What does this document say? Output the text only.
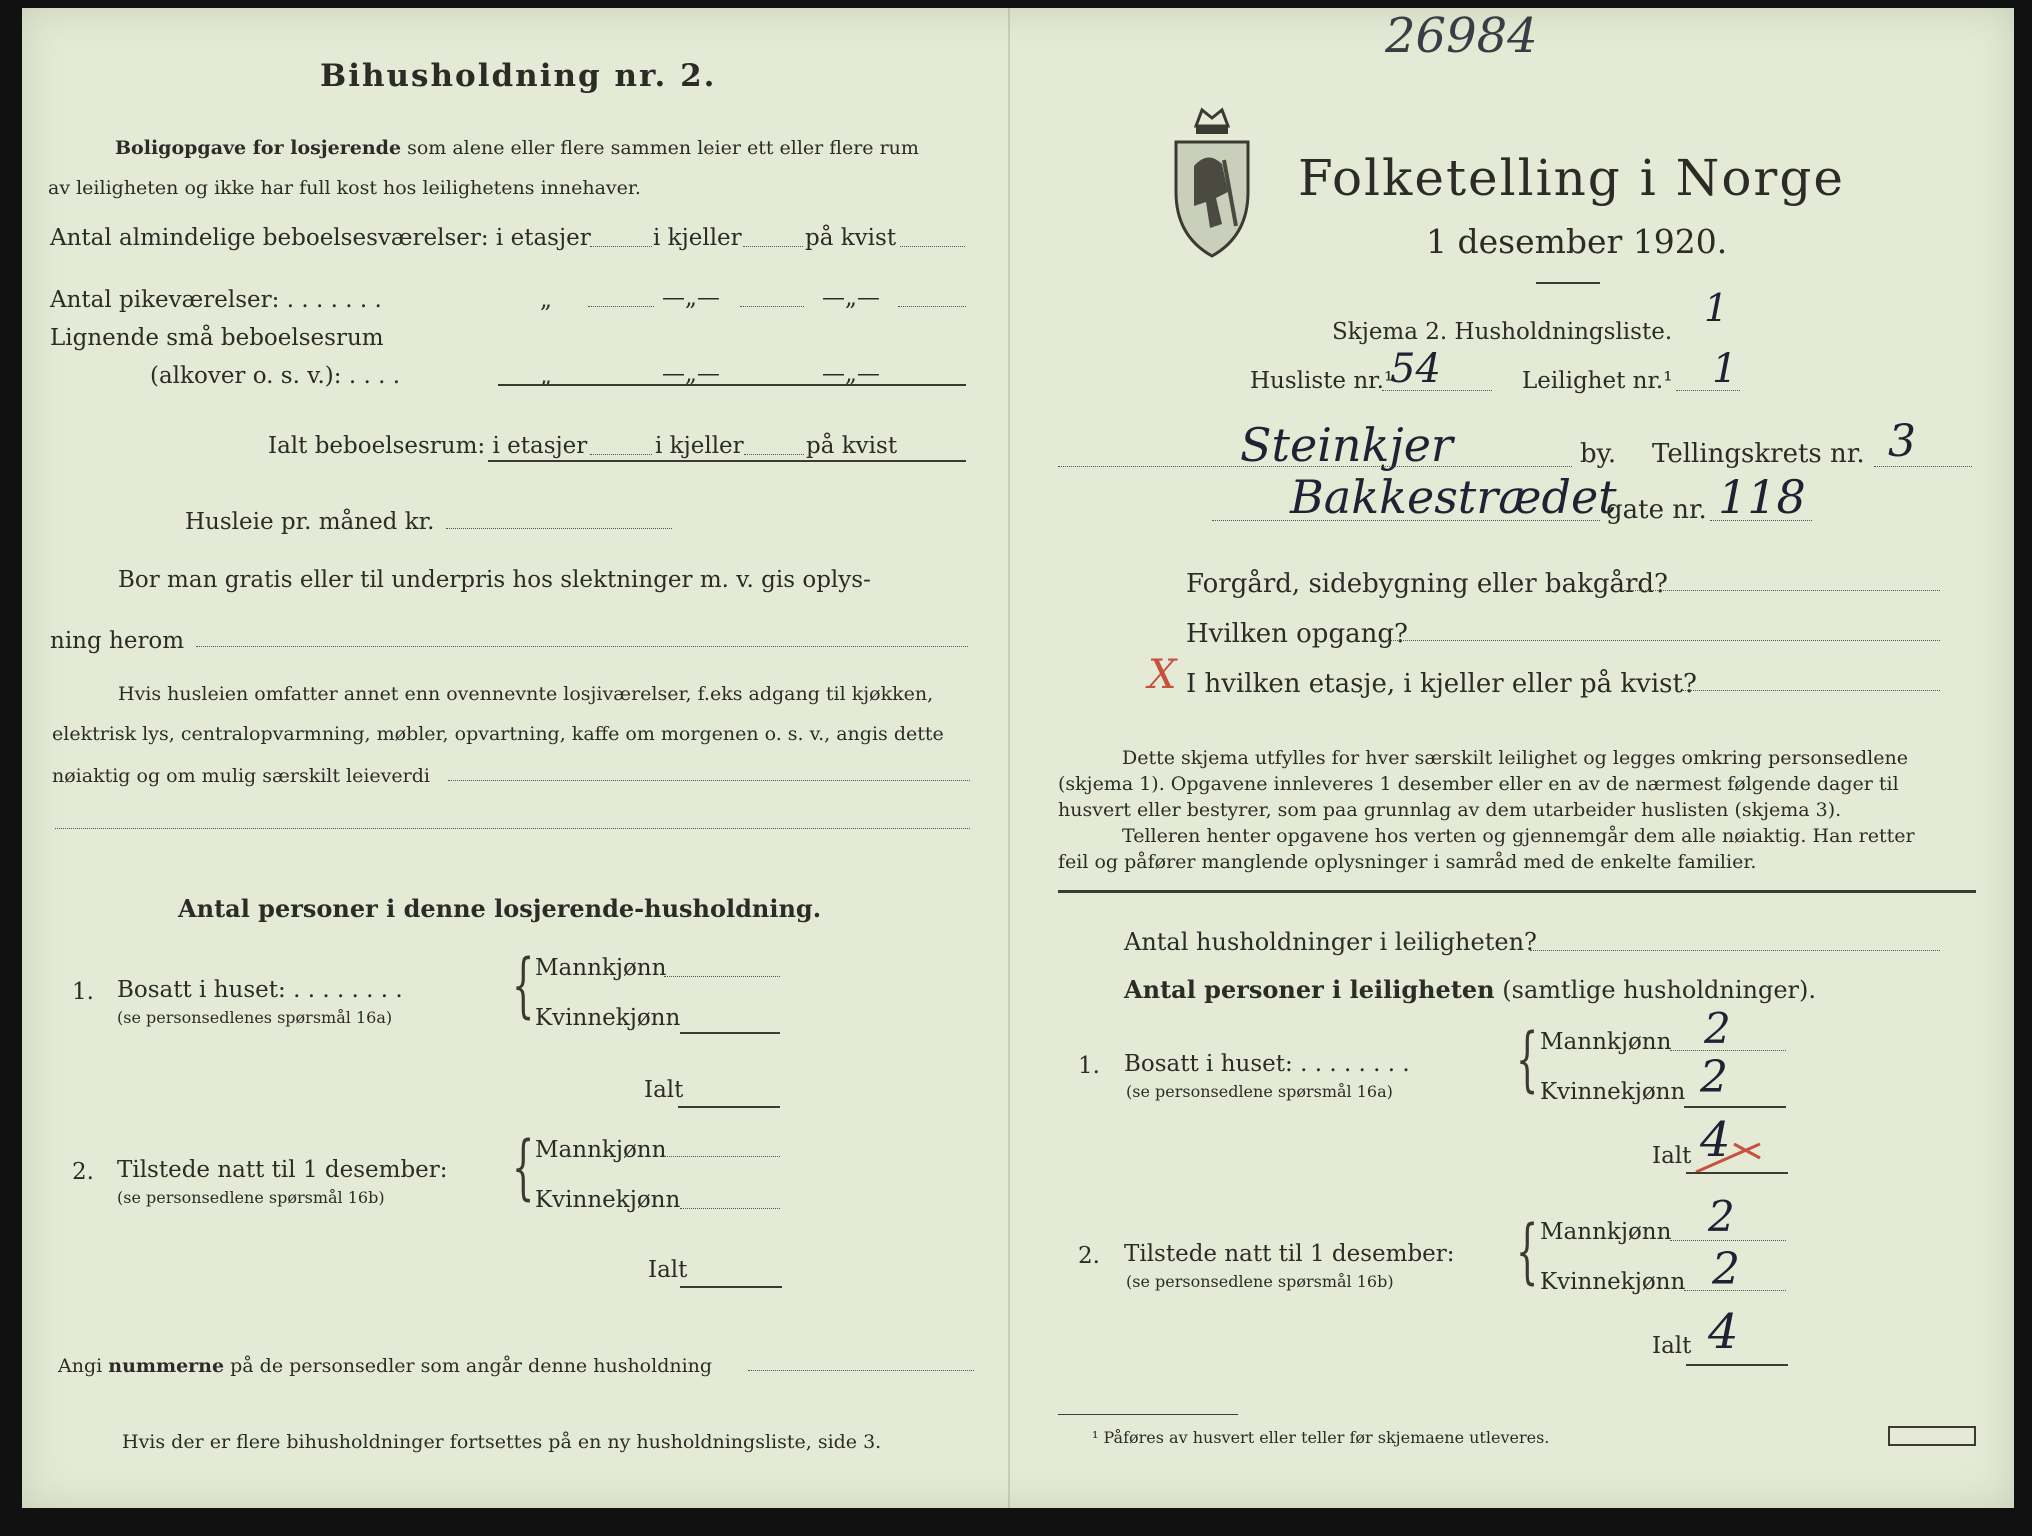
26984
Bihusholdning nr. 2.
Boligopgave for losjerende som alene eller flere sammen leier ett eller flere rum
av leiligheten og ikke har full kost hos leilighetens innehaver.
Antal almindelige beboelsesværelser: i etasjer	i kjeller	på kvist
Antal pikeværelser: . . . . . . .	„	—„—	—„—
Lignende små beboelsesrum
(alkover o. s. v.): . . . .	„	—„—	—„—
Ialt beboelsesrum: i etasjer	i kjeller	på kvist
Husleie pr. måned kr.
Bor man gratis eller til underpris hos slektninger m. v. gis oplys-
ning herom
Hvis husleien omfatter annet enn ovennevnte losjiværelser, f.eks adgang til kjøkken,
elektrisk lys, centralopvarmning, møbler, opvartning, kaffe om morgenen o. s. v., angis dette
nøiaktig og om mulig særskilt leieverdi
Antal personer i denne losjerende-husholdning.
1. Bosatt i huset: . . . . . . . .
(se personsedlenes spørsmål 16a) { Mannkjønn
Kvinnekjønn
Ialt
2. Tilstede natt til 1 desember:
(se personsedlene spørsmål 16b) { Mannkjønn
Kvinnekjønn
Ialt
Angi nummerne på de personsedler som angår denne husholdning
Hvis der er flere bihusholdninger fortsettes på en ny husholdningsliste, side 3.
Folketelling i Norge
1 desember 1920.
Skjema 2. Husholdningsliste.
1
Husliste nr.¹
54	Leilighet nr.¹ 1
Steinkjer	by. Tellingskrets nr. 3
Bakkestrædet
gate nr. 118
Forgård, sidebygning eller bakgård?
Hvilken opgang?
X I hvilken etasje, i kjeller eller på kvist?
Dette skjema utfylles for hver særskilt leilighet og legges omkring personsedlene
(skjema 1). Opgavene innleveres 1 desember eller en av de nærmest følgende dager til
husvert eller bestyrer, som paa grunnlag av dem utarbeider huslisten (skjema 3).
Telleren henter opgavene hos verten og gjennemgår dem alle nøiaktig. Han retter
feil og påfører manglende oplysninger i samråd med de enkelte familier.
Antal husholdninger i leiligheten?
Antal personer i leiligheten (samtlige husholdninger).
1. Bosatt i huset: . . . . . . . .
(se personsedlene spørsmål 16a) { Mannkjønn 2
Kvinnekjønn 2
Ialt 4
2. Tilstede natt til 1 desember:
(se personsedlene spørsmål 16b) { Mannkjønn 2
Kvinnekjønn 2
Ialt 4
¹ Påføres av husvert eller teller før skjemaene utleveres.
